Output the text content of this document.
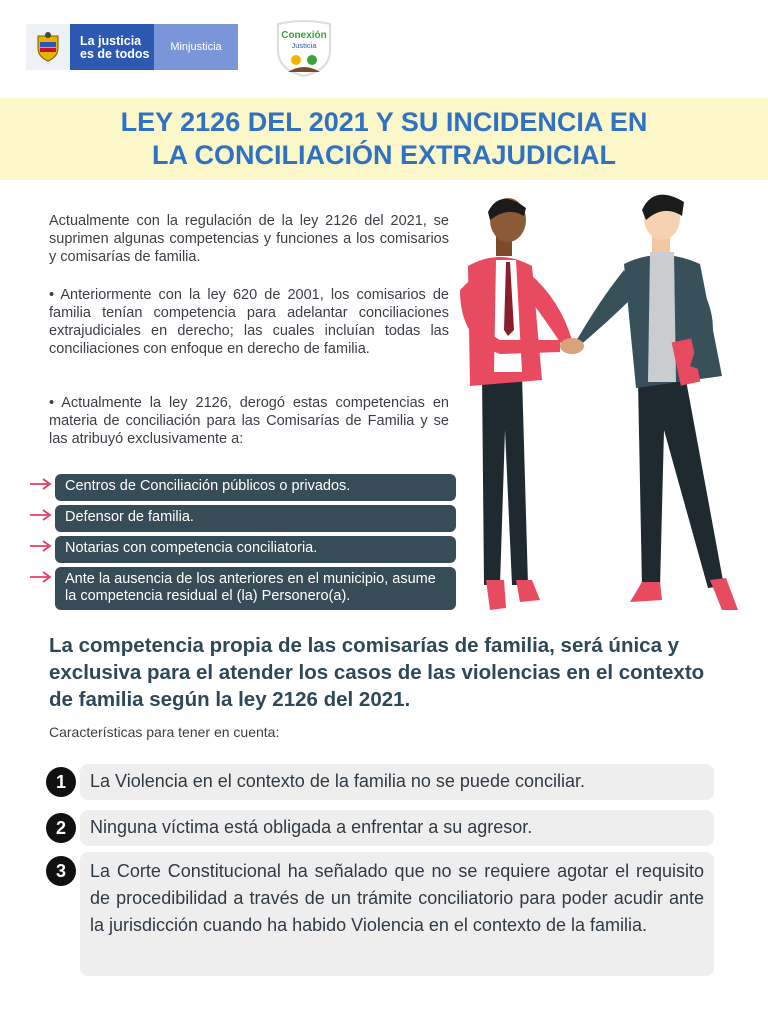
La justicia
es de todos	Minjusticia
Conexión
Justicia
LEY 2126 DEL 2021 Y SU INCIDENCIA EN
LA CONCILIACIÓN EXTRAJUDICIAL

Actualmente con la regulación de la ley 2126 del 2021, se suprimen algunas competencias y funciones a los comisarios y comisarías de familia.

• Anteriormente con la ley 620 de 2001, los comisarios de familia tenían competencia para adelantar conciliaciones extrajudiciales en derecho; las cuales incluían todas las conciliaciones con enfoque en derecho de familia.

• Actualmente la ley 2126, derogó estas competencias en materia de conciliación para las Comisarías de Familia y se las atribuyó exclusivamente a:

Centros de Conciliación públicos o privados.
Defensor de familia.
Notarias con competencia conciliatoria.
Ante la ausencia de los anteriores en el municipio, asume la competencia residual el (la) Personero(a).

La competencia propia de las comisarías de familia, será única y exclusiva para el atender los casos de las violencias en el contexto de familia según la ley 2126 del 2021.

Características para tener en cuenta:
1	La Violencia en el contexto de la familia no se puede conciliar.
2	Ninguna víctima está obligada a enfrentar a su agresor.
3	La Corte Constitucional ha señalado que no se requiere agotar el requisito de procedibilidad a través de un trámite conciliatorio para poder acudir ante la jurisdicción cuando ha habido Violencia en el contexto de la familia.
